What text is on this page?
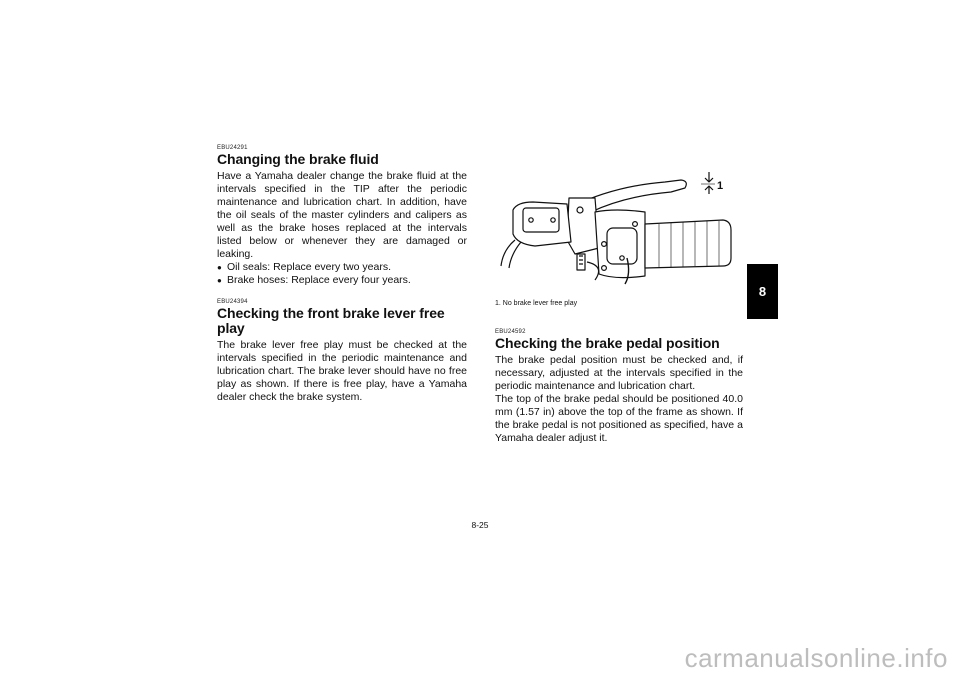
EBU24291
Changing the brake fluid

Have a Yamaha dealer change the brake fluid at the intervals specified in the TIP after the periodic maintenance and lubrication chart. In addition, have the oil seals of the master cylinders and calipers as well as the brake hoses replaced at the intervals listed below or whenever they are damaged or leaking.

● Oil seals: Replace every two years.
● Brake hoses: Replace every four years.
EBU24394
Checking the front brake lever free play

The brake lever free play must be checked at the intervals specified in the periodic maintenance and lubrication chart. The brake lever should have no free play as shown. If there is free play, have a Yamaha dealer check the brake system.

1
1. No brake lever free play
EBU24592
Checking the brake pedal position

The brake pedal position must be checked and, if necessary, adjusted at the intervals specified in the periodic maintenance and lubrication chart.

The top of the brake pedal should be positioned 40.0 mm (1.57 in) above the top of the frame as shown. If the brake pedal is not positioned as specified, have a Yamaha dealer adjust it.

8
8-25
carmanualsonline.info
